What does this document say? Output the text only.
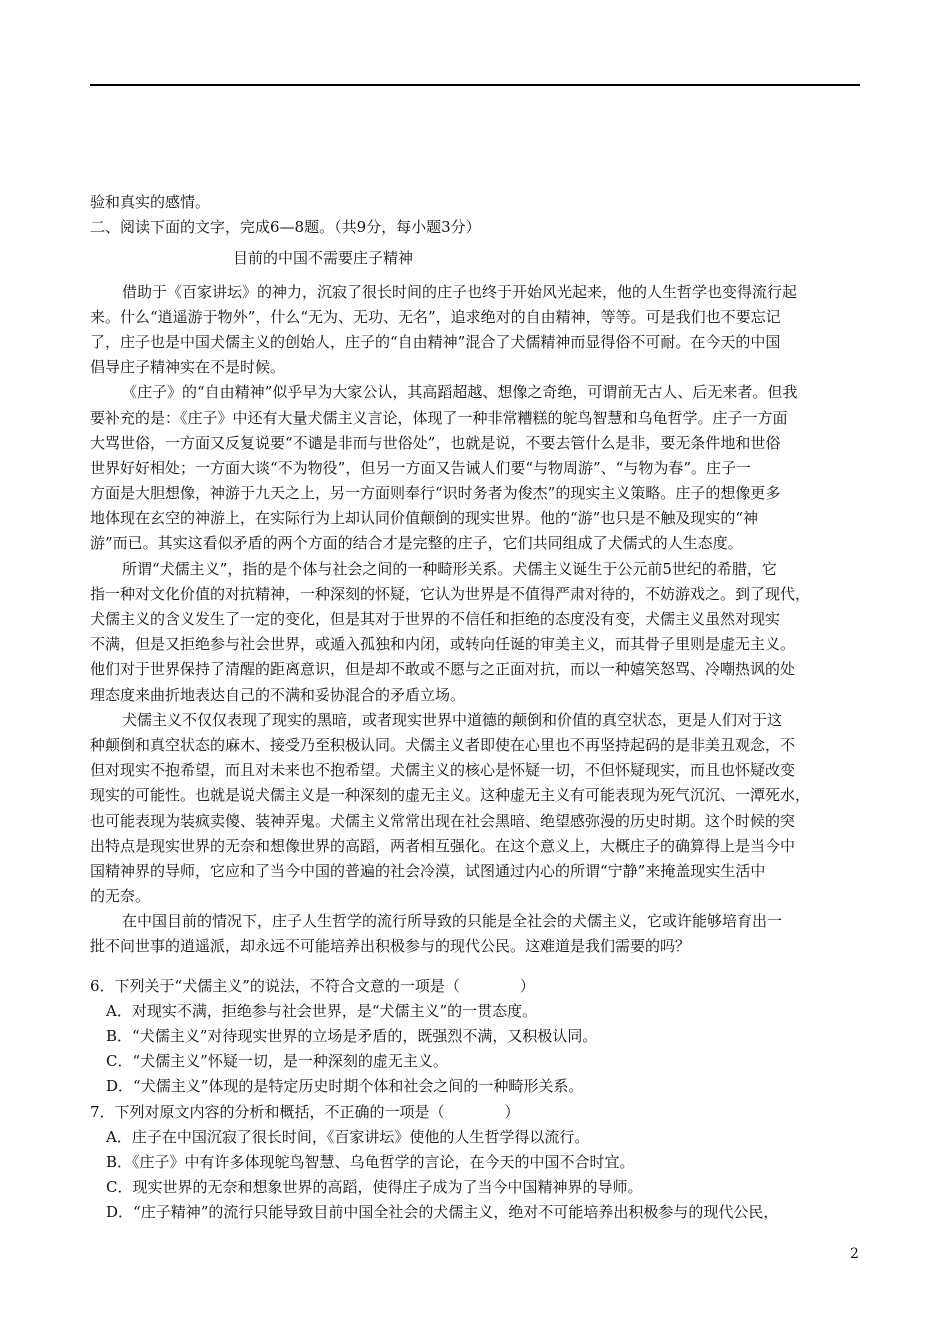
验和真实的感情。
二、阅读下面的文字，完成6—8题。（共9分，每小题3分）
目前的中国不需要庄子精神
借助于《百家讲坛》的神力，沉寂了很长时间的庄子也终于开始风光起来，他的人生哲学也变得流行起
来。什么“逍遥游于物外”，什么“无为、无功、无名”，追求绝对的自由精神，等等。可是我们也不要忘记
了，庄子也是中国犬儒主义的创始人，庄子的“自由精神”混合了犬儒精神而显得俗不可耐。在今天的中国
倡导庄子精神实在不是时候。
《庄子》的“自由精神”似乎早为大家公认，其高蹈超越、想像之奇绝，可谓前无古人、后无来者。但我
要补充的是：《庄子》中还有大量犬儒主义言论，体现了一种非常糟糕的鸵鸟智慧和乌龟哲学。庄子一方面
大骂世俗，一方面又反复说要“不谴是非而与世俗处”，也就是说，不要去管什么是非，要无条件地和世俗
世界好好相处；一方面大谈“不为物役”，但另一方面又告诫人们要“与物周游”、“与物为春”。庄子一
方面是大胆想像，神游于九天之上，另一方面则奉行“识时务者为俊杰”的现实主义策略。庄子的想像更多
地体现在玄空的神游上，在实际行为上却认同价值颠倒的现实世界。他的“游”也只是不触及现实的“神
游”而已。其实这看似矛盾的两个方面的结合才是完整的庄子，它们共同组成了犬儒式的人生态度。
所谓“犬儒主义”，指的是个体与社会之间的一种畸形关系。犬儒主义诞生于公元前5世纪的希腊，它
指一种对文化价值的对抗精神，一种深刻的怀疑，它认为世界是不值得严肃对待的，不妨游戏之。到了现代，
犬儒主义的含义发生了一定的变化，但是其对于世界的不信任和拒绝的态度没有变，犬儒主义虽然对现实
不满，但是又拒绝参与社会世界，或遁入孤独和内闭，或转向任诞的审美主义，而其骨子里则是虚无主义。
他们对于世界保持了清醒的距离意识，但是却不敢或不愿与之正面对抗，而以一种嬉笑怒骂、冷嘲热讽的处
理态度来曲折地表达自己的不满和妥协混合的矛盾立场。
犬儒主义不仅仅表现了现实的黑暗，或者现实世界中道德的颠倒和价值的真空状态，更是人们对于这
种颠倒和真空状态的麻木、接受乃至积极认同。犬儒主义者即使在心里也不再坚持起码的是非美丑观念，不
但对现实不抱希望，而且对未来也不抱希望。犬儒主义的核心是怀疑一切，不但怀疑现实，而且也怀疑改变
现实的可能性。也就是说犬儒主义是一种深刻的虚无主义。这种虚无主义有可能表现为死气沉沉、一潭死水，
也可能表现为装疯卖傻、装神弄鬼。犬儒主义常常出现在社会黑暗、绝望感弥漫的历史时期。这个时候的突
出特点是现实世界的无奈和想像世界的高蹈，两者相互强化。在这个意义上，大概庄子的确算得上是当今中
国精神界的导师，它应和了当今中国的普遍的社会冷漠，试图通过内心的所谓“宁静”来掩盖现实生活中
的无奈。
在中国目前的情况下，庄子人生哲学的流行所导致的只能是全社会的犬儒主义，它或许能够培育出一
批不问世事的逍遥派，却永远不可能培养出积极参与的现代公民。这难道是我们需要的吗？
6．下列关于“犬儒主义”的说法，不符合文意的一项是（　　　　）
A．对现实不满，拒绝参与社会世界，是“犬儒主义”的一贯态度。
B．“犬儒主义”对待现实世界的立场是矛盾的，既强烈不满，又积极认同。
C．“犬儒主义”怀疑一切，是一种深刻的虚无主义。
D．“犬儒主义”体现的是特定历史时期个体和社会之间的一种畸形关系。
7．下列对原文内容的分析和概括，不正确的一项是（　　　　）
A．庄子在中国沉寂了很长时间，《百家讲坛》使他的人生哲学得以流行。
B．《庄子》中有许多体现鸵鸟智慧、乌龟哲学的言论，在今天的中国不合时宜。
C．现实世界的无奈和想象世界的高蹈，使得庄子成为了当今中国精神界的导师。
D．“庄子精神”的流行只能导致目前中国全社会的犬儒主义，绝对不可能培养出积极参与的现代公民，
2
